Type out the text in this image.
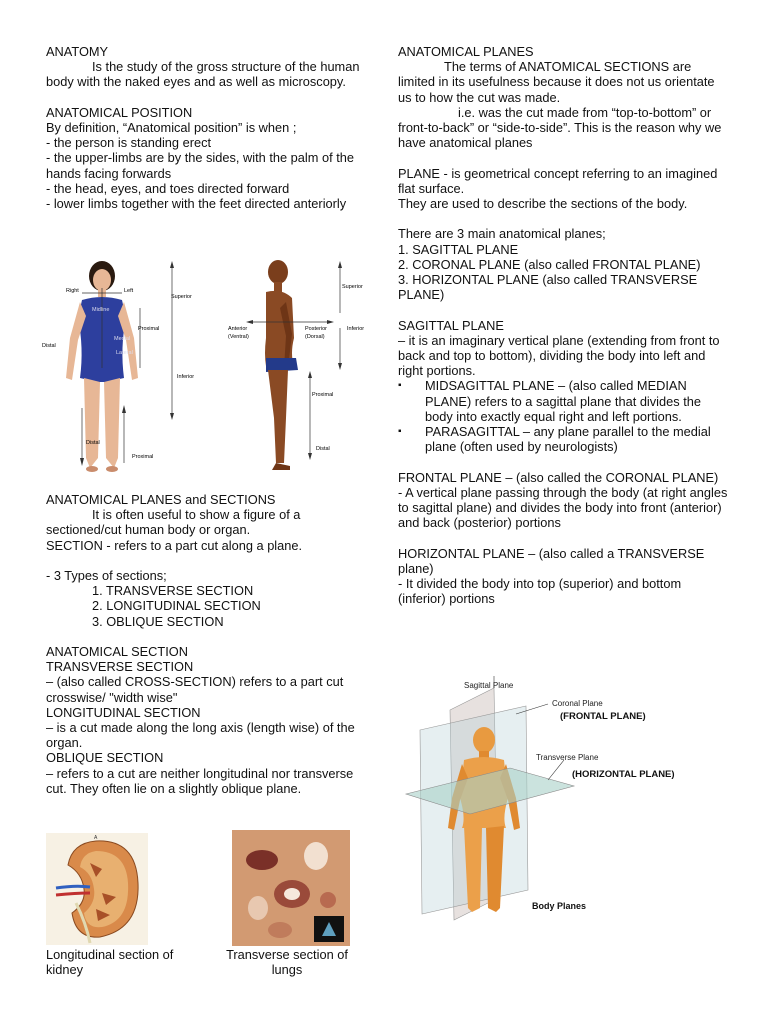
ANATOMY

Is the study of the gross structure of the human body with the naked eyes and as well as microscopy.

ANATOMICAL POSITION

By definition, “Anatomical position” is when ;

- the person is standing erect

- the upper-limbs are by the sides, with the palm of the hands facing forwards

- the head, eyes, and toes directed forward

- lower limbs together with the feet directed anteriorly

Right	Left
Midline
Medial
Lateral
Distal
Proximal
Distal
Proximal
Superior
Inferior
Anterior
(Ventral)
Posterior
(Dorsal)
Superior
Inferior
Proximal
Distal

ANATOMICAL PLANES and SECTIONS

It is often useful to show a figure of a sectioned/cut human body or organ.

SECTION - refers to a part cut along a plane.

- 3 Types of sections;

1. TRANSVERSE SECTION

2. LONGITUDINAL SECTION

3. OBLIQUE SECTION

ANATOMICAL SECTION

TRANSVERSE SECTION

– (also called CROSS-SECTION) refers to a part cut crosswise/ "width wise"

LONGITUDINAL SECTION

– is a cut made along the long axis (length wise) of the organ.

OBLIQUE SECTION

– refers to a cut are neither longitudinal nor transverse cut. They often lie on a slightly oblique plane.

A
Longitudinal section of kidney
Transverse section of lungs

ANATOMICAL PLANES

The terms of ANATOMICAL SECTIONS are limited in its usefulness because it does not us orientate us to how the cut was made.

i.e. was the cut made from “top-to-bottom” or front-to-back” or “side-to-side”. This is the reason why we have anatomical planes

PLANE - is geometrical concept referring to an imagined flat surface.

They are used to describe the sections of the body.

There are 3 main anatomical planes;

1. SAGITTAL PLANE

2. CORONAL PLANE (also called FRONTAL PLANE)

3. HORIZONTAL PLANE (also called TRANSVERSE PLANE)

SAGITTAL PLANE

– it is an imaginary vertical plane (extending from front to back and top to bottom), dividing the body into left and right portions.

▪ MIDSAGITTAL PLANE – (also called MEDIAN PLANE) refers to a sagittal plane that divides the body into exactly equal right and left portions.
▪ PARASAGITTAL – any plane parallel to the medial plane (often used by neurologists)

FRONTAL PLANE – (also called the CORONAL PLANE)

- A vertical plane passing through the body (at right angles to sagittal plane) and divides the body into front (anterior) and back (posterior) portions

HORIZONTAL PLANE – (also called a TRANSVERSE plane)

- It divided the body into top (superior) and bottom (inferior) portions

Sagittal Plane
Coronal Plane
(FRONTAL PLANE)
Transverse Plane
(HORIZONTAL PLANE)
Body Planes
